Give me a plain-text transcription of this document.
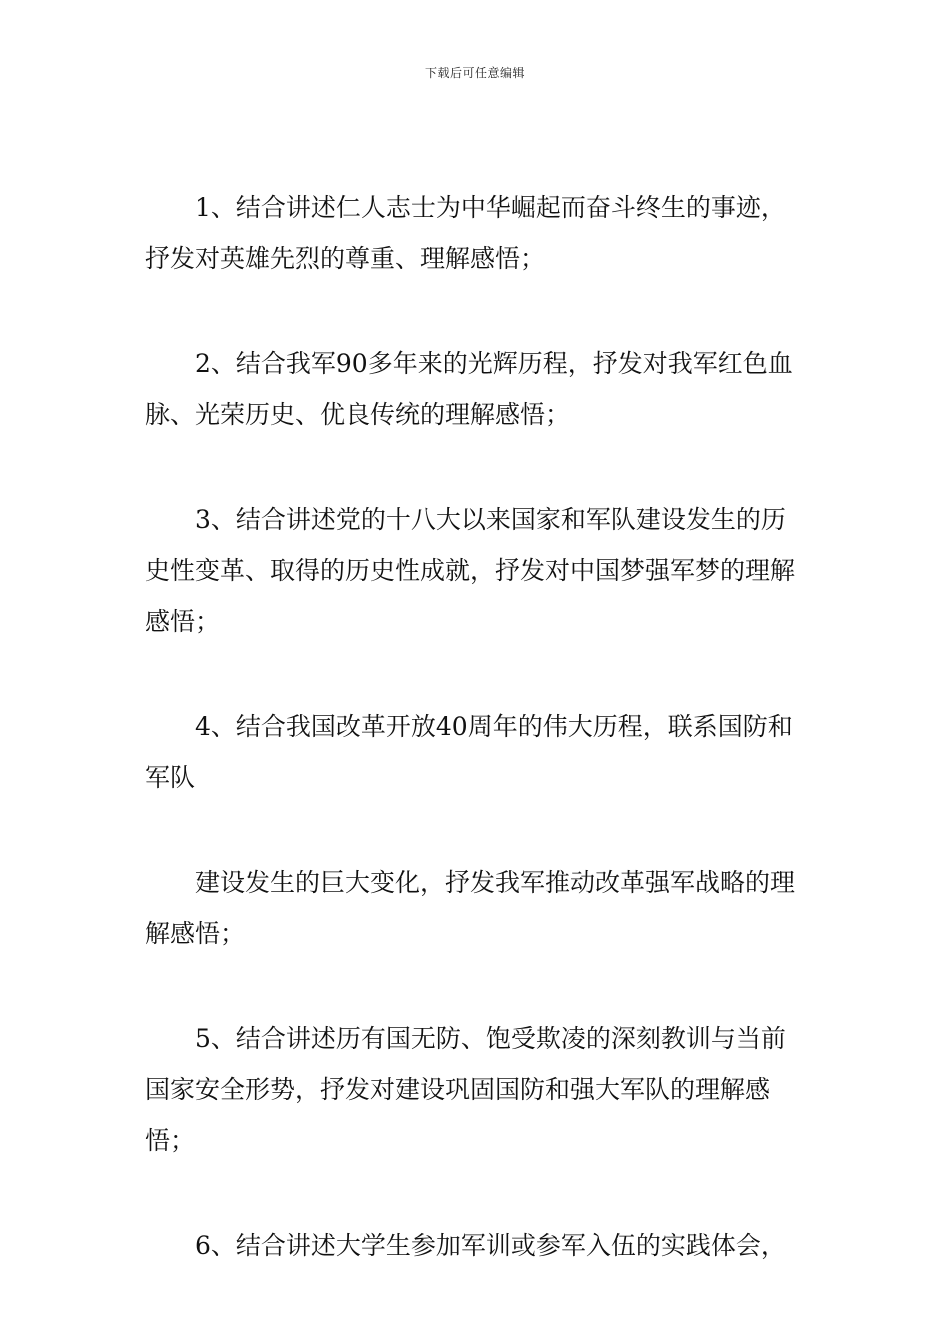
下载后可任意编辑

1、结合讲述仁人志士为中华崛起而奋斗终生的事迹，抒发对英雄先烈的尊重、理解感悟；

2、结合我军90多年来的光辉历程，抒发对我军红色血脉、光荣历史、优良传统的理解感悟；

3、结合讲述党的十八大以来国家和军队建设发生的历史性变革、取得的历史性成就，抒发对中国梦强军梦的理解感悟；

4、结合我国改革开放40周年的伟大历程，联系国防和军队

建设发生的巨大变化，抒发我军推动改革强军战略的理解感悟；

5、结合讲述历有国无防、饱受欺凌的深刻教训与当前国家安全形势，抒发对建设巩固国防和强大军队的理解感悟；

6、结合讲述大学生参加军训或参军入伍的实践体会，
